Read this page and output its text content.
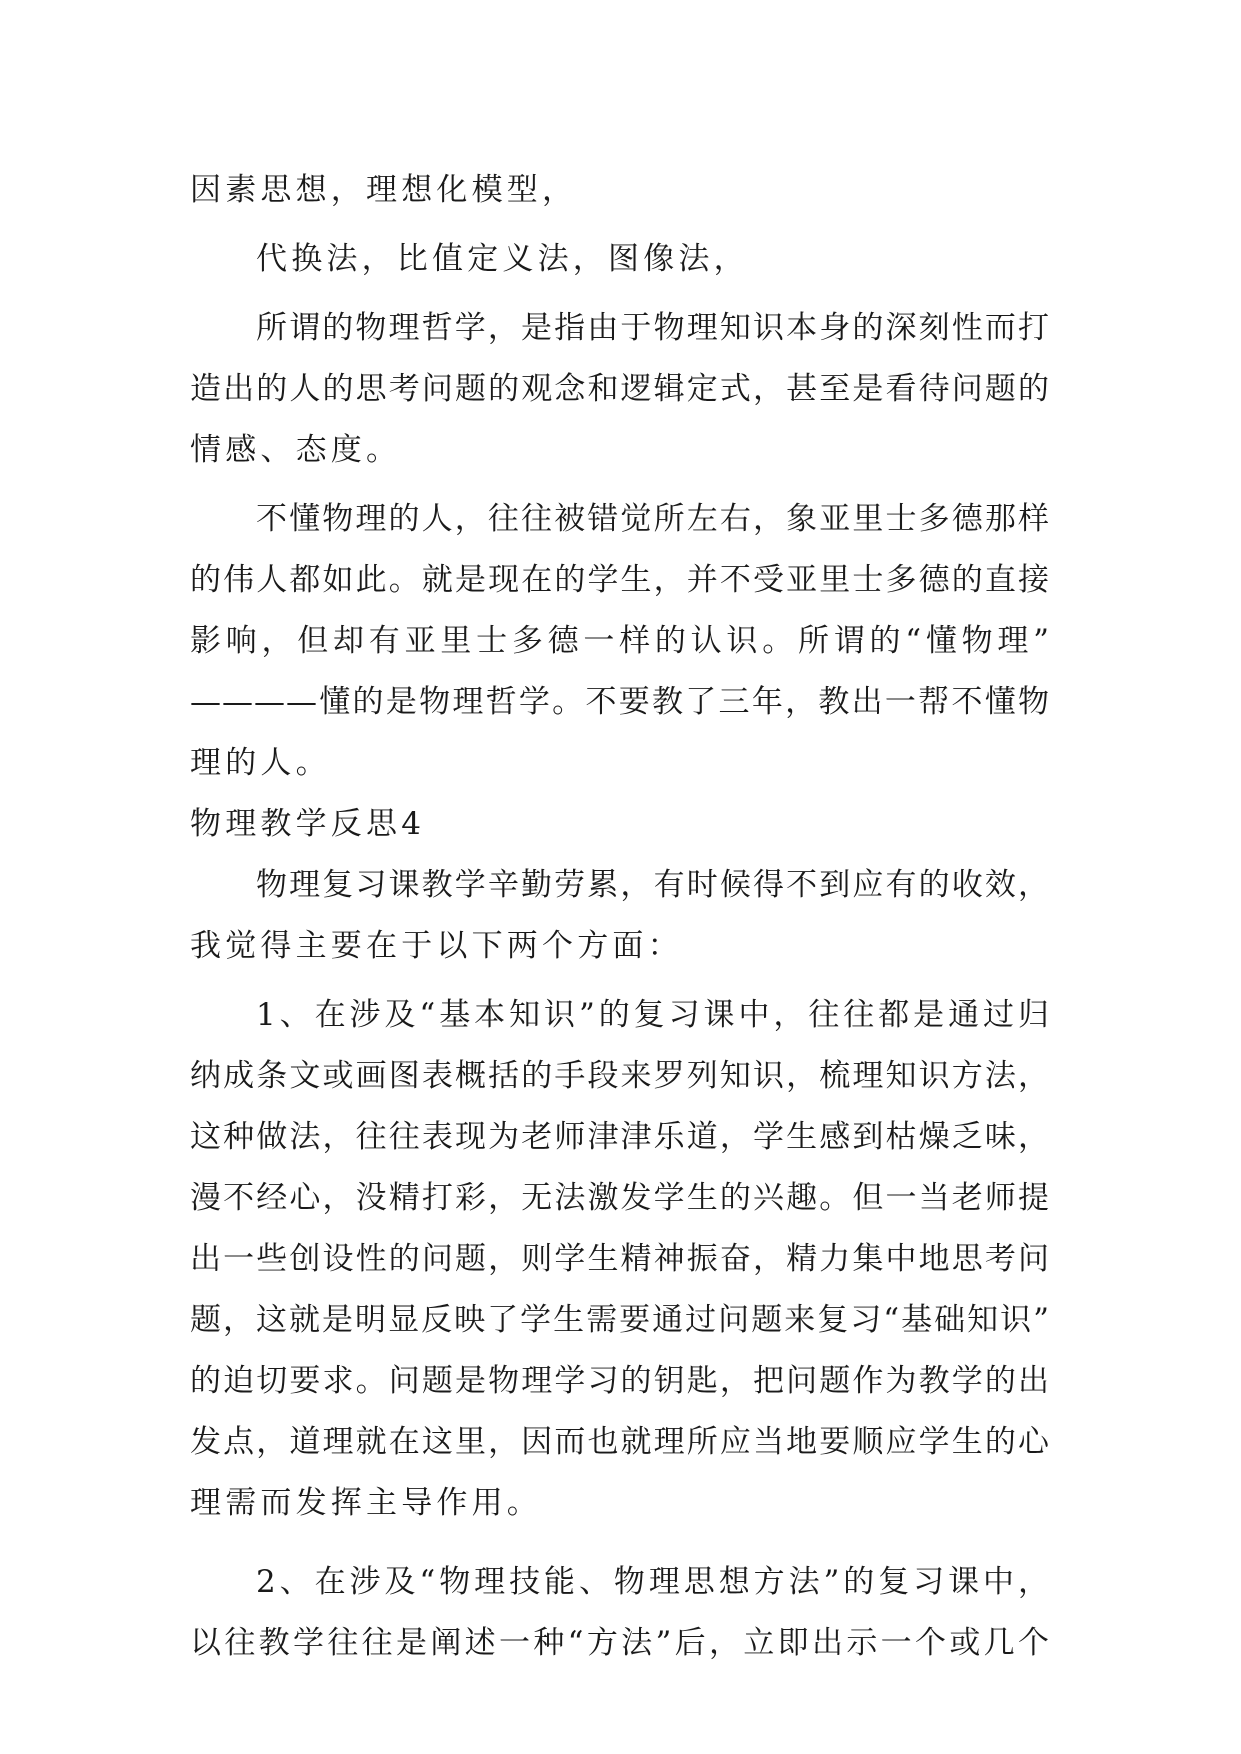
因素思想，理想化模型，

代换法，比值定义法，图像法，

所谓的物理哲学，是指由于物理知识本身的深刻性而打

造出的人的思考问题的观念和逻辑定式，甚至是看待问题的

情感、态度。

不懂物理的人，往往被错觉所左右，象亚里士多德那样

的伟人都如此。就是现在的学生，并不受亚里士多德的直接

影响，但却有亚里士多德一样的认识。所谓的“懂物理”

————懂的是物理哲学。不要教了三年，教出一帮不懂物

理的人。

物理教学反思4

物理复习课教学辛勤劳累，有时候得不到应有的收效，

我觉得主要在于以下两个方面：

1、在涉及“基本知识”的复习课中，往往都是通过归

纳成条文或画图表概括的手段来罗列知识，梳理知识方法，

这种做法，往往表现为老师津津乐道，学生感到枯燥乏味，

漫不经心，没精打彩，无法激发学生的兴趣。但一当老师提

出一些创设性的问题，则学生精神振奋，精力集中地思考问

题，这就是明显反映了学生需要通过问题来复习“基础知识”

的迫切要求。问题是物理学习的钥匙，把问题作为教学的出

发点，道理就在这里，因而也就理所应当地要顺应学生的心

理需而发挥主导作用。

2、在涉及“物理技能、物理思想方法”的复习课中，

以往教学往往是阐述一种“方法”后，立即出示一个或几个
